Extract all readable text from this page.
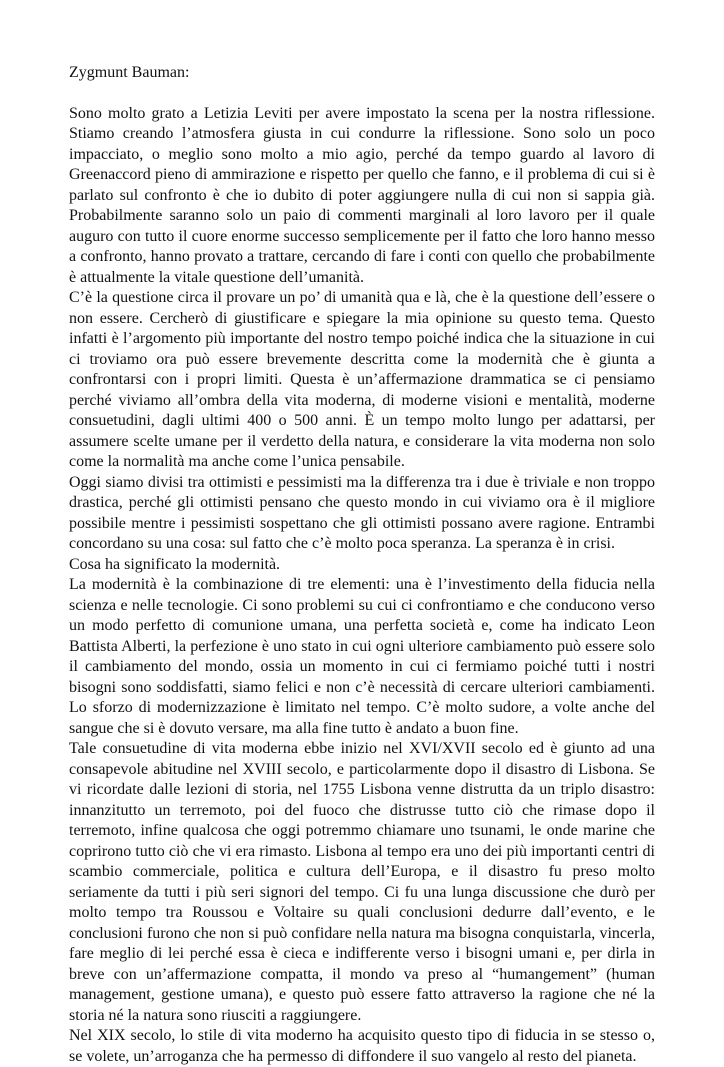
Zygmunt Bauman:

Sono molto grato a Letizia Leviti per avere impostato la scena per la nostra riflessione. Stiamo creando l’atmosfera giusta in cui condurre la riflessione. Sono solo un poco impacciato, o meglio sono molto a mio agio, perché da tempo guardo al lavoro di Greenaccord pieno di ammirazione e rispetto per quello che fanno, e il problema di cui si è parlato sul confronto è che io dubito di poter aggiungere nulla di cui non si sappia già. Probabilmente saranno solo un paio di commenti marginali al loro lavoro per il quale auguro con tutto il cuore enorme successo semplicemente per il fatto che loro hanno messo a confronto, hanno provato a trattare, cercando di fare i conti con quello che probabilmente è attualmente la vitale questione dell’umanità.

C’è la questione circa il provare un po’ di umanità qua e là, che è la questione dell’essere o non essere. Cercherò di giustificare e spiegare la mia opinione su questo tema. Questo infatti è l’argomento più importante del nostro tempo poiché indica che la situazione in cui ci troviamo ora può essere brevemente descritta come la modernità che è giunta a confrontarsi con i propri limiti. Questa è un’affermazione drammatica se ci pensiamo perché viviamo all’ombra della vita moderna, di moderne visioni e mentalità, moderne consuetudini, dagli ultimi 400 o 500 anni. È un tempo molto lungo per adattarsi, per assumere scelte umane per il verdetto della natura, e considerare la vita moderna non solo come la normalità ma anche come l’unica pensabile.

Oggi siamo divisi tra ottimisti e pessimisti ma la differenza tra i due è triviale e non troppo drastica, perché gli ottimisti pensano che questo mondo in cui viviamo ora è il migliore possibile mentre i pessimisti sospettano che gli ottimisti possano avere ragione. Entrambi concordano su una cosa: sul fatto che c’è molto poca speranza. La speranza è in crisi.

Cosa ha significato la modernità.

La modernità è la combinazione di tre elementi: una è l’investimento della fiducia nella scienza e nelle tecnologie. Ci sono problemi su cui ci confrontiamo e che conducono verso un modo perfetto di comunione umana, una perfetta società e, come ha indicato Leon Battista Alberti, la perfezione è uno stato in cui ogni ulteriore cambiamento può essere solo il cambiamento del mondo, ossia un momento in cui ci fermiamo poiché tutti i nostri bisogni sono soddisfatti, siamo felici e non c’è necessità di cercare ulteriori cambiamenti. Lo sforzo di modernizzazione è limitato nel tempo. C’è molto sudore, a volte anche del sangue che si è dovuto versare, ma alla fine tutto è andato a buon fine.

Tale consuetudine di vita moderna ebbe inizio nel XVI/XVII secolo ed è giunto ad una consapevole abitudine nel XVIII secolo, e particolarmente dopo il disastro di Lisbona. Se vi ricordate dalle lezioni di storia, nel 1755 Lisbona venne distrutta da un triplo disastro: innanzitutto un terremoto, poi del fuoco che distrusse tutto ciò che rimase dopo il terremoto, infine qualcosa che oggi potremmo chiamare uno tsunami, le onde marine che coprirono tutto ciò che vi era rimasto. Lisbona al tempo era uno dei più importanti centri di scambio commerciale, politica e cultura dell’Europa, e il disastro fu preso molto seriamente da tutti i più seri signori del tempo. Ci fu una lunga discussione che durò per molto tempo tra Roussou e Voltaire su quali conclusioni dedurre dall’evento, e le conclusioni furono che non si può confidare nella natura ma bisogna conquistarla, vincerla, fare meglio di lei perché essa è cieca e indifferente verso i bisogni umani e, per dirla in breve con un’affermazione compatta, il mondo va preso al “humangement” (human management, gestione umana), e questo può essere fatto attraverso la ragione che né la storia né la natura sono riusciti a raggiungere.

Nel XIX secolo, lo stile di vita moderno ha acquisito questo tipo di fiducia in se stesso o, se volete, un’arroganza che ha permesso di diffondere il suo vangelo al resto del pianeta.
